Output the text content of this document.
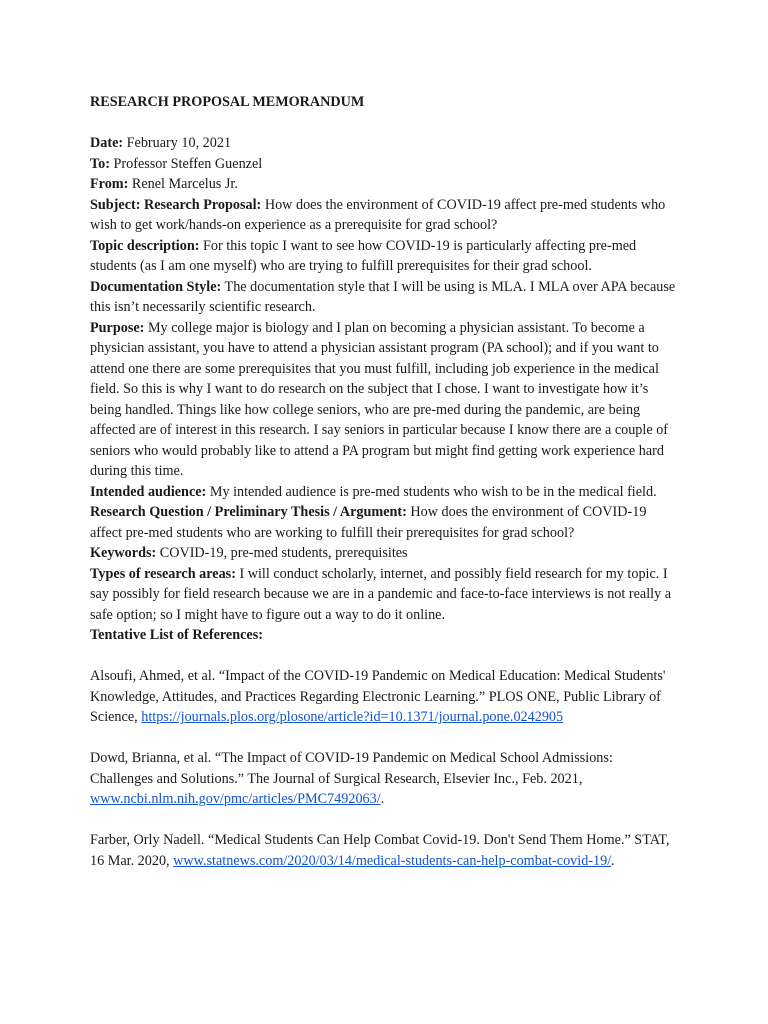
RESEARCH PROPOSAL MEMORANDUM

Date: February 10, 2021

To: Professor Steffen Guenzel

From: Renel Marcelus Jr.

Subject: Research Proposal: How does the environment of COVID-19 affect pre-med students who wish to get work/hands-on experience as a prerequisite for grad school?

Topic description: For this topic I want to see how COVID-19 is particularly affecting pre-med students (as I am one myself) who are trying to fulfill prerequisites for their grad school.

Documentation Style: The documentation style that I will be using is MLA. I MLA over APA because this isn’t necessarily scientific research.

Purpose: My college major is biology and I plan on becoming a physician assistant. To become a physician assistant, you have to attend a physician assistant program (PA school); and if you want to attend one there are some prerequisites that you must fulfill, including job experience in the medical field. So this is why I want to do research on the subject that I chose. I want to investigate how it’s being handled. Things like how college seniors, who are pre-med during the pandemic, are being affected are of interest in this research. I say seniors in particular because I know there are a couple of seniors who would probably like to attend a PA program but might find getting work experience hard during this time.

Intended audience: My intended audience is pre-med students who wish to be in the medical field.

Research Question / Preliminary Thesis / Argument: How does the environment of COVID-19 affect pre-med students who are working to fulfill their prerequisites for grad school?

Keywords: COVID-19, pre-med students, prerequisites

Types of research areas: I will conduct scholarly, internet, and possibly field research for my topic. I say possibly for field research because we are in a pandemic and face-to-face interviews is not really a safe option; so I might have to figure out a way to do it online.

Tentative List of References:

Alsoufi, Ahmed, et al. “Impact of the COVID-19 Pandemic on Medical Education: Medical Students' Knowledge, Attitudes, and Practices Regarding Electronic Learning.” PLOS ONE, Public Library of Science, https://journals.plos.org/plosone/article?id=10.1371/journal.pone.0242905

Dowd, Brianna, et al. “The Impact of COVID-19 Pandemic on Medical School Admissions: Challenges and Solutions.” The Journal of Surgical Research, Elsevier Inc., Feb. 2021, www.ncbi.nlm.nih.gov/pmc/articles/PMC7492063/.

Farber, Orly Nadell. “Medical Students Can Help Combat Covid-19. Don't Send Them Home.” STAT, 16 Mar. 2020, www.statnews.com/2020/03/14/medical-students-can-help-combat-covid-19/.
